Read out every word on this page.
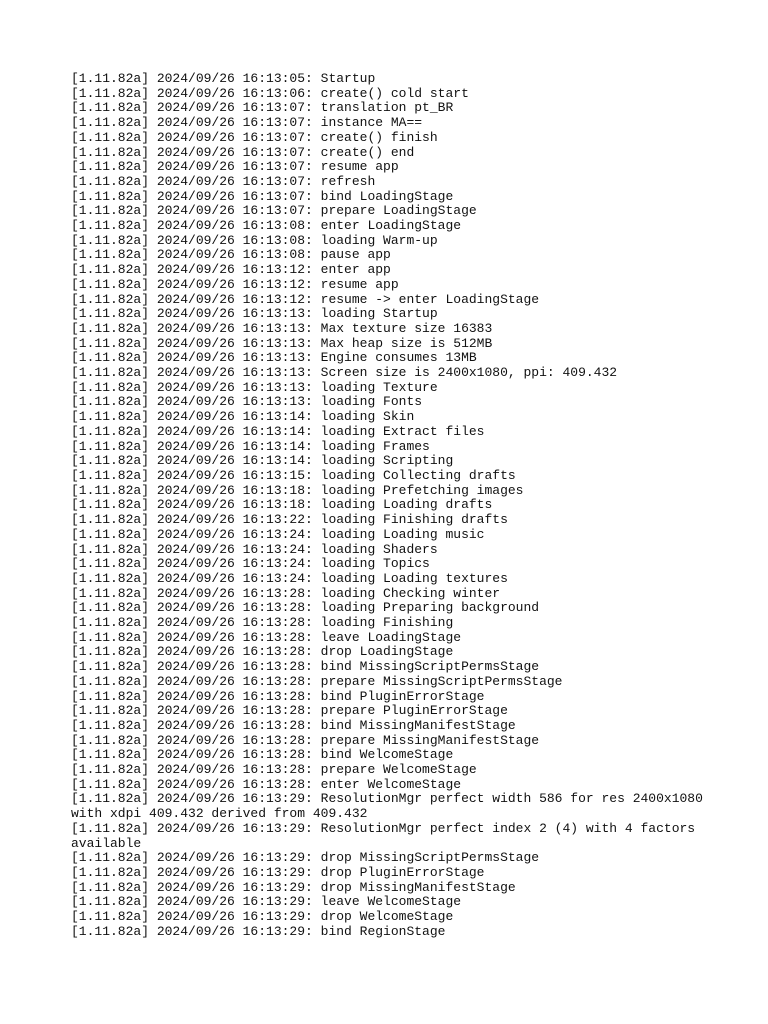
[1.11.82a] 2024/09/26 16:13:05: Startup
[1.11.82a] 2024/09/26 16:13:06: create() cold start
[1.11.82a] 2024/09/26 16:13:07: translation pt_BR
[1.11.82a] 2024/09/26 16:13:07: instance MA==
[1.11.82a] 2024/09/26 16:13:07: create() finish
[1.11.82a] 2024/09/26 16:13:07: create() end
[1.11.82a] 2024/09/26 16:13:07: resume app
[1.11.82a] 2024/09/26 16:13:07: refresh
[1.11.82a] 2024/09/26 16:13:07: bind LoadingStage
[1.11.82a] 2024/09/26 16:13:07: prepare LoadingStage
[1.11.82a] 2024/09/26 16:13:08: enter LoadingStage
[1.11.82a] 2024/09/26 16:13:08: loading Warm-up
[1.11.82a] 2024/09/26 16:13:08: pause app
[1.11.82a] 2024/09/26 16:13:12: enter app
[1.11.82a] 2024/09/26 16:13:12: resume app
[1.11.82a] 2024/09/26 16:13:12: resume -> enter LoadingStage
[1.11.82a] 2024/09/26 16:13:13: loading Startup
[1.11.82a] 2024/09/26 16:13:13: Max texture size 16383
[1.11.82a] 2024/09/26 16:13:13: Max heap size is 512MB
[1.11.82a] 2024/09/26 16:13:13: Engine consumes 13MB
[1.11.82a] 2024/09/26 16:13:13: Screen size is 2400x1080, ppi: 409.432
[1.11.82a] 2024/09/26 16:13:13: loading Texture
[1.11.82a] 2024/09/26 16:13:13: loading Fonts
[1.11.82a] 2024/09/26 16:13:14: loading Skin
[1.11.82a] 2024/09/26 16:13:14: loading Extract files
[1.11.82a] 2024/09/26 16:13:14: loading Frames
[1.11.82a] 2024/09/26 16:13:14: loading Scripting
[1.11.82a] 2024/09/26 16:13:15: loading Collecting drafts
[1.11.82a] 2024/09/26 16:13:18: loading Prefetching images
[1.11.82a] 2024/09/26 16:13:18: loading Loading drafts
[1.11.82a] 2024/09/26 16:13:22: loading Finishing drafts
[1.11.82a] 2024/09/26 16:13:24: loading Loading music
[1.11.82a] 2024/09/26 16:13:24: loading Shaders
[1.11.82a] 2024/09/26 16:13:24: loading Topics
[1.11.82a] 2024/09/26 16:13:24: loading Loading textures
[1.11.82a] 2024/09/26 16:13:28: loading Checking winter
[1.11.82a] 2024/09/26 16:13:28: loading Preparing background
[1.11.82a] 2024/09/26 16:13:28: loading Finishing
[1.11.82a] 2024/09/26 16:13:28: leave LoadingStage
[1.11.82a] 2024/09/26 16:13:28: drop LoadingStage
[1.11.82a] 2024/09/26 16:13:28: bind MissingScriptPermsStage
[1.11.82a] 2024/09/26 16:13:28: prepare MissingScriptPermsStage
[1.11.82a] 2024/09/26 16:13:28: bind PluginErrorStage
[1.11.82a] 2024/09/26 16:13:28: prepare PluginErrorStage
[1.11.82a] 2024/09/26 16:13:28: bind MissingManifestStage
[1.11.82a] 2024/09/26 16:13:28: prepare MissingManifestStage
[1.11.82a] 2024/09/26 16:13:28: bind WelcomeStage
[1.11.82a] 2024/09/26 16:13:28: prepare WelcomeStage
[1.11.82a] 2024/09/26 16:13:28: enter WelcomeStage
[1.11.82a] 2024/09/26 16:13:29: ResolutionMgr perfect width 586 for res 2400x1080 with xdpi 409.432 derived from 409.432
[1.11.82a] 2024/09/26 16:13:29: ResolutionMgr perfect index 2 (4) with 4 factors available
[1.11.82a] 2024/09/26 16:13:29: drop MissingScriptPermsStage
[1.11.82a] 2024/09/26 16:13:29: drop PluginErrorStage
[1.11.82a] 2024/09/26 16:13:29: drop MissingManifestStage
[1.11.82a] 2024/09/26 16:13:29: leave WelcomeStage
[1.11.82a] 2024/09/26 16:13:29: drop WelcomeStage
[1.11.82a] 2024/09/26 16:13:29: bind RegionStage
